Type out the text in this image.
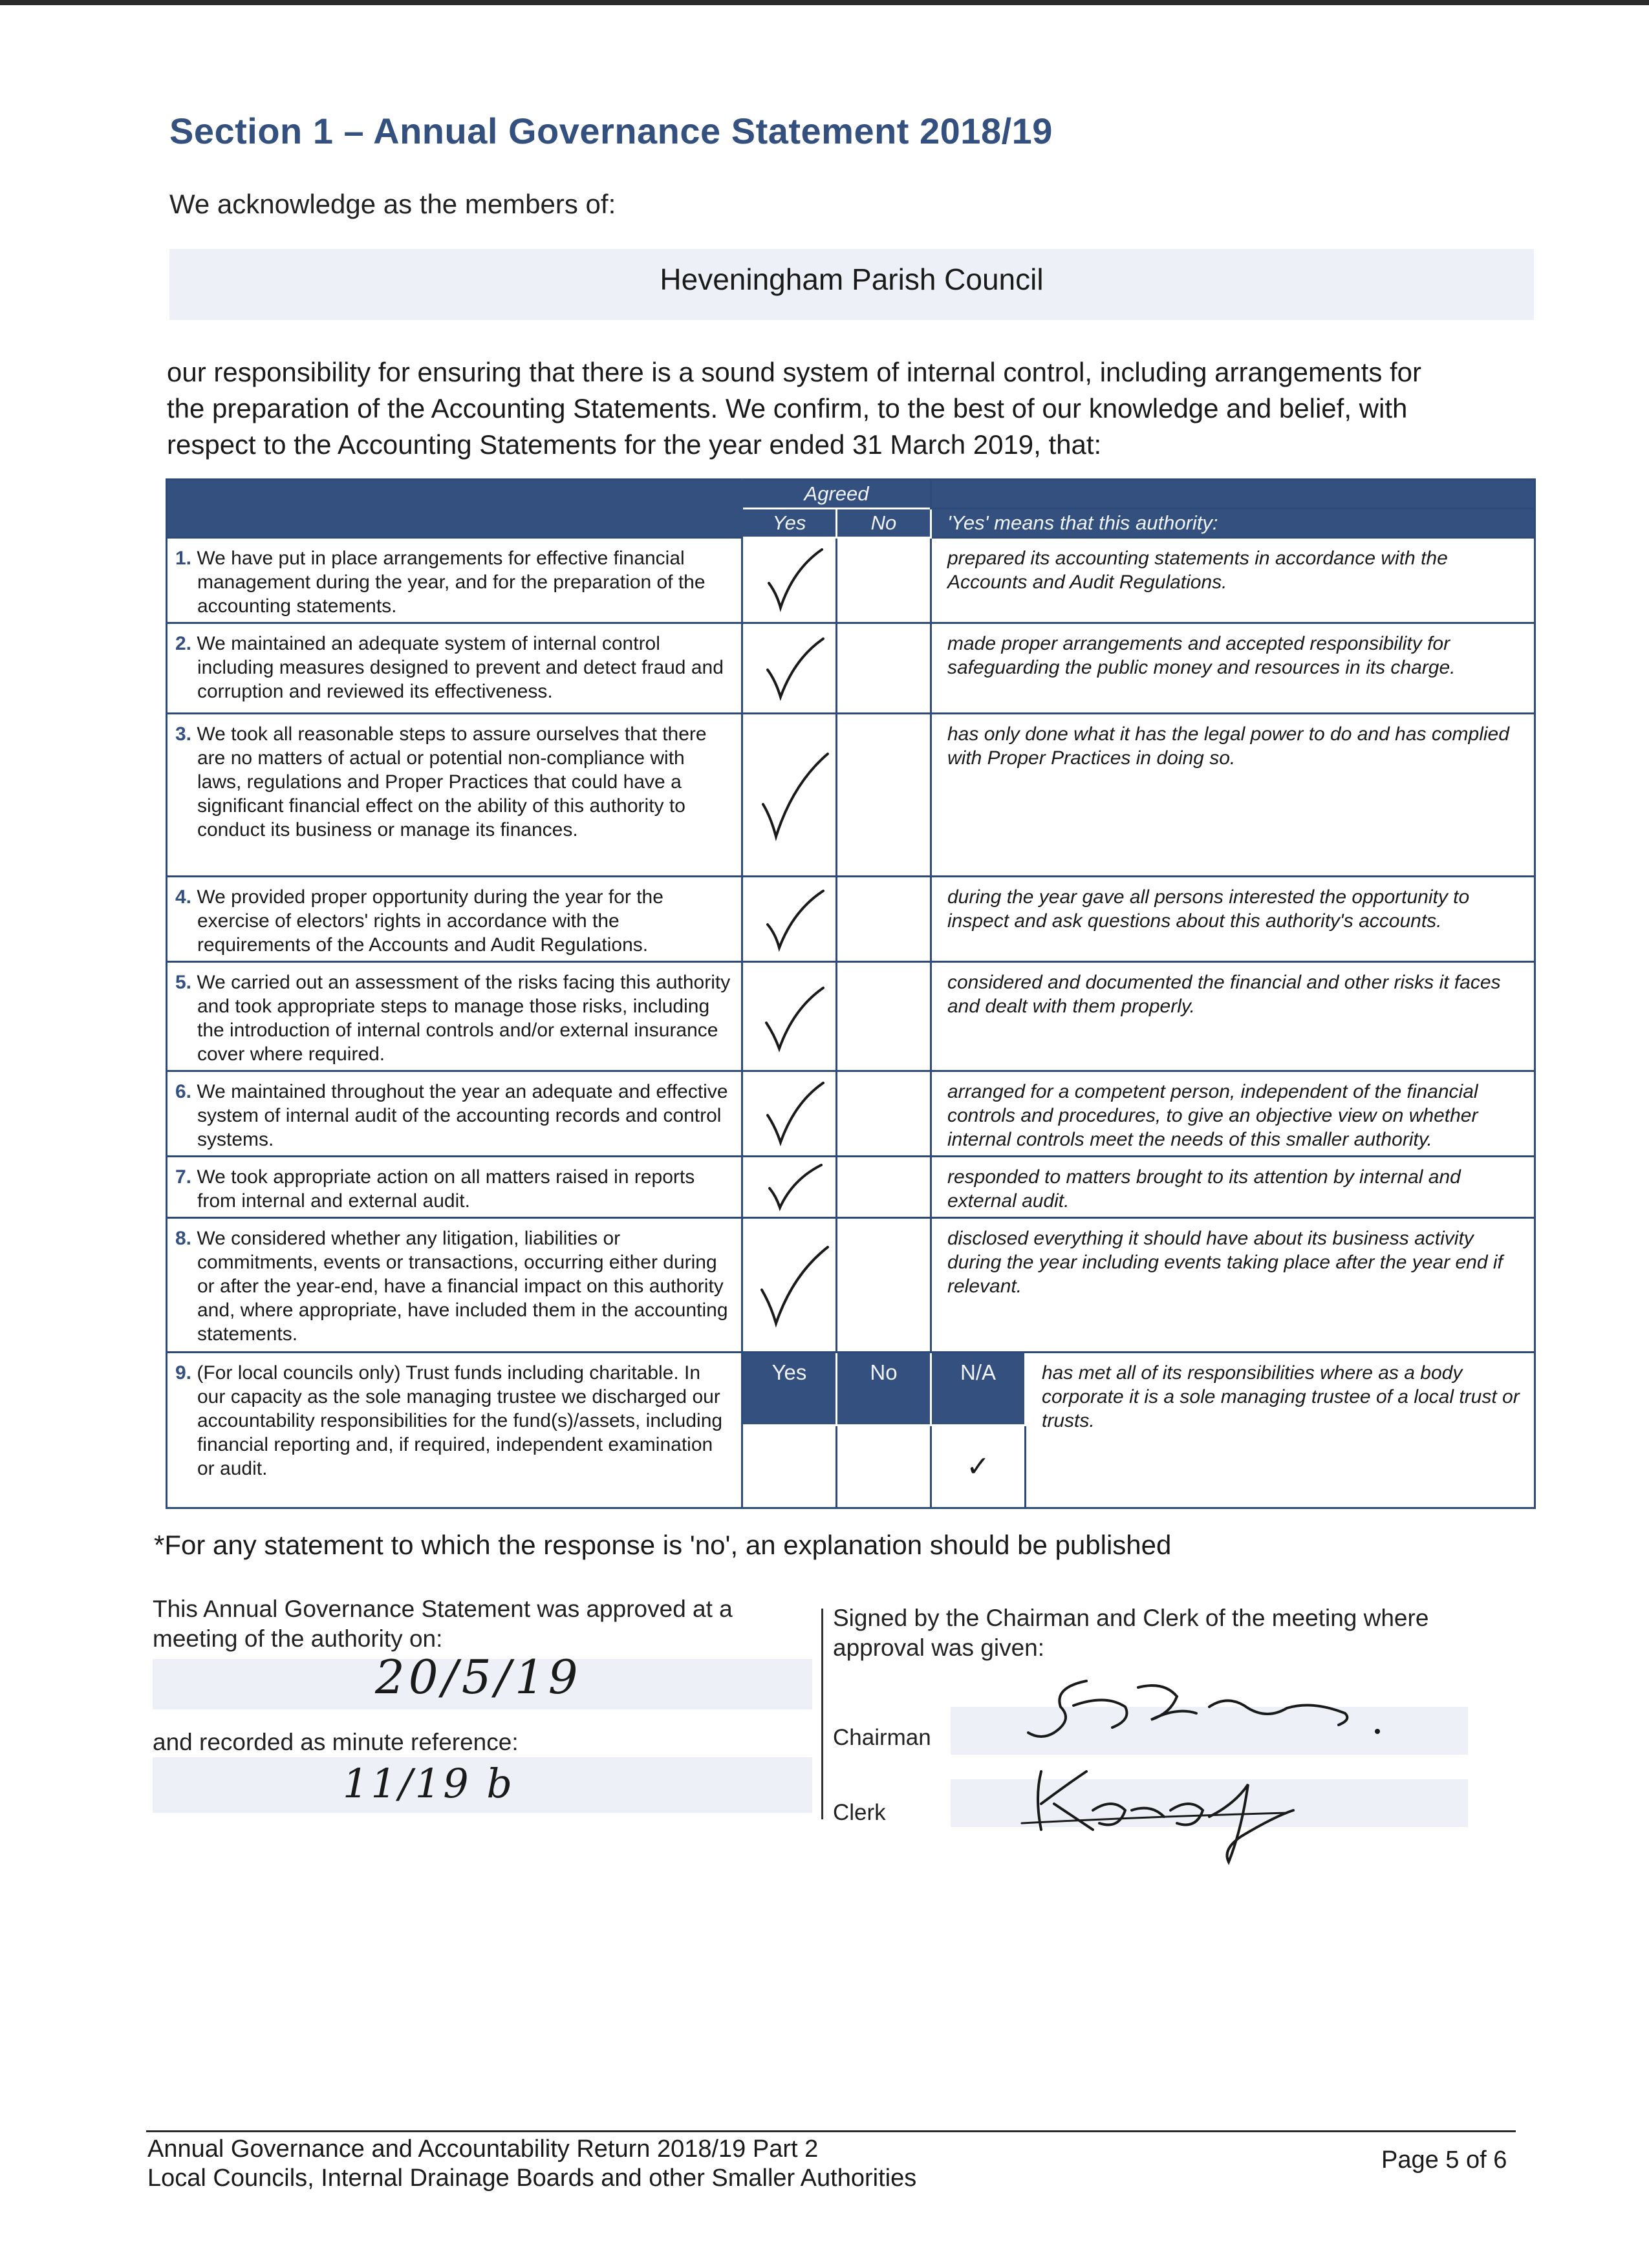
Section 1 – Annual Governance Statement 2018/19
We acknowledge as the members of:
Heveningham Parish Council
our responsibility for ensuring that there is a sound system of internal control, including arrangements for
the preparation of the Accounting Statements. We confirm, to the best of our knowledge and belief, with
respect to the Accounting Statements for the year ended 31 March 2019, that:
	Agreed			
	Yes	No	'Yes' means that this authority:	
1. We have put in place arrangements for effective financial management during the year, and for the preparation of the accounting statements.			prepared its accounting statements in accordance with the Accounts and Audit Regulations.	
2. We maintained an adequate system of internal control including measures designed to prevent and detect fraud and corruption and reviewed its effectiveness.			made proper arrangements and accepted responsibility for safeguarding the public money and resources in its charge.	
3. We took all reasonable steps to assure ourselves that there are no matters of actual or potential non-compliance with laws, regulations and Proper Practices that could have a significant financial effect on the ability of this authority to conduct its business or manage its finances.			has only done what it has the legal power to do and has complied with Proper Practices in doing so.	
4. We provided proper opportunity during the year for the exercise of electors' rights in accordance with the requirements of the Accounts and Audit Regulations.			during the year gave all persons interested the opportunity to inspect and ask questions about this authority's accounts.	
5. We carried out an assessment of the risks facing this authority and took appropriate steps to manage those risks, including the introduction of internal controls and/or external insurance cover where required.			considered and documented the financial and other risks it faces and dealt with them properly.	
6. We maintained throughout the year an adequate and effective system of internal audit of the accounting records and control systems.			arranged for a competent person, independent of the financial controls and procedures, to give an objective view on whether internal controls meet the needs of this smaller authority.	
7. We took appropriate action on all matters raised in reports from internal and external audit.			responded to matters brought to its attention by internal and external audit.	
8. We considered whether any litigation, liabilities or commitments, events or transactions, occurring either during or after the year-end, have a financial impact on this authority and, where appropriate, have included them in the accounting statements.			disclosed everything it should have about its business activity during the year including events taking place after the year end if relevant.	
9. (For local councils only) Trust funds including charitable. In our capacity as the sole managing trustee we discharged our accountability responsibilities for the fund(s)/assets, including financial reporting and, if required, independent examination or audit.	Yes	No	N/A	has met all of its responsibilities where as a body corporate it is a sole managing trustee of a local trust or trusts.
			✓	
*For any statement to which the response is 'no', an explanation should be published
This Annual Governance Statement was approved at a meeting of the authority on:
20/5/19
and recorded as minute reference:
11/19 b
Signed by the Chairman and Clerk of the meeting where approval was given:
Chairman
Clerk
Annual Governance and Accountability Return 2018/19 Part 2
Local Councils, Internal Drainage Boards and other Smaller Authorities
Page 5 of 6
